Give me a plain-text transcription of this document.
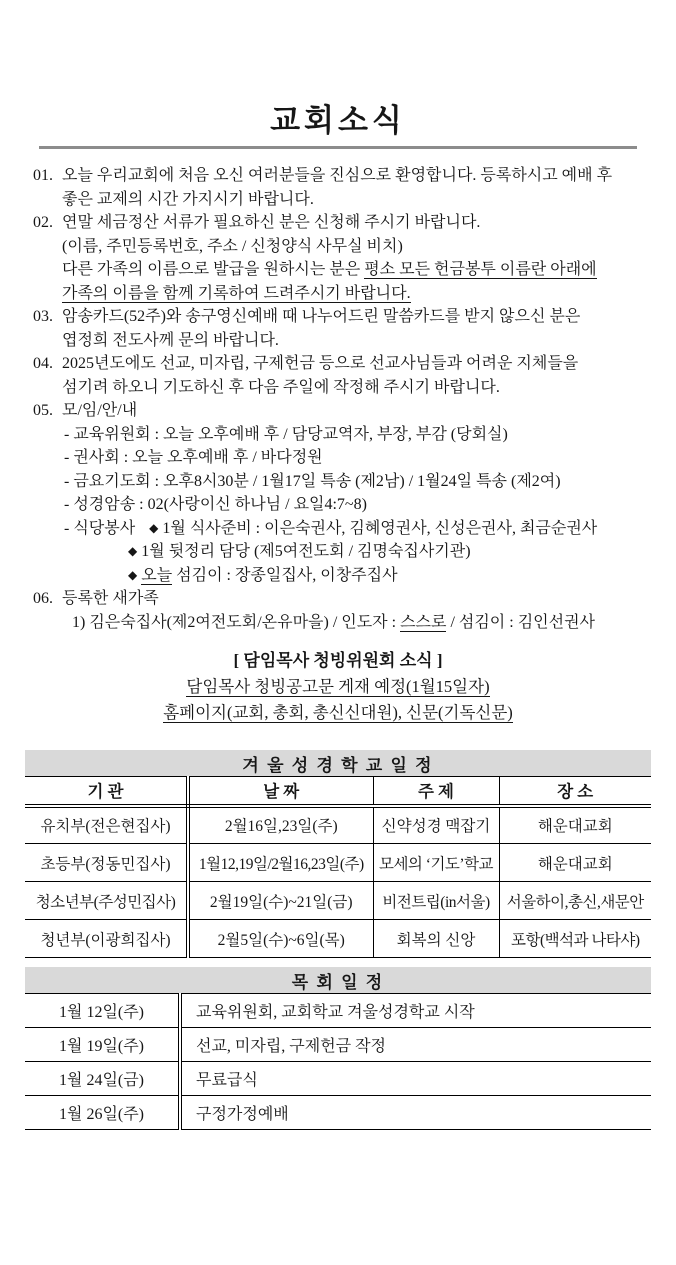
교회소식
01. 오늘 우리교회에 처음 오신 여러분들을 진심으로 환영합니다. 등록하시고 예배 후
좋은 교제의 시간 가지시기 바랍니다.
02. 연말 세금정산 서류가 필요하신 분은 신청해 주시기 바랍니다.
(이름, 주민등록번호, 주소 / 신청양식 사무실 비치)
다른 가족의 이름으로 발급을 원하시는 분은 평소 모든 헌금봉투 이름란 아래에
가족의 이름을 함께 기록하여 드려주시기 바랍니다.
03. 암송카드(52주)와 송구영신예배 때 나누어드린 말씀카드를 받지 않으신 분은
엽정희 전도사께 문의 바랍니다.
04. 2025년도에도 선교, 미자립, 구제헌금 등으로 선교사님들과 어려운 지체들을
섬기려 하오니 기도하신 후 다음 주일에 작정해 주시기 바랍니다.
05. 모/임/안/내
- 교육위원회 : 오늘 오후예배 후 / 담당교역자, 부장, 부감 (당회실)
- 권사회 : 오늘 오후예배 후 / 바다정원
- 금요기도회 : 오후8시30분 / 1월17일 특송 (제2남) / 1월24일 특송 (제2여)
- 성경암송 : 02(사랑이신 하나님 / 요일4:7~8)
- 식당봉사 ◆ 1월 식사준비 : 이은숙권사, 김혜영권사, 신성은권사, 최금순권사
◆ 1월 뒷정리 담당 (제5여전도회 / 김명숙집사기관)
◆ 오늘 섬김이 : 장종일집사, 이창주집사
06. 등록한 새가족
1) 김은숙집사(제2여전도회/온유마을) / 인도자 : 스스로 / 섬김이 : 김인선권사
[ 담임목사 청빙위원회 소식 ]
담임목사 청빙공고문 게재 예정(1월15일자)
홈페이지(교회, 총회, 총신신대원), 신문(기독신문)
겨 울 성 경 학 교 일 정
기 관	날 짜	주 제	장 소
유치부(전은현집사)	2월16일,23일(주)	신약성경 맥잡기	해운대교회
초등부(정동민집사)	1월12,19일/2월16,23일(주)	모세의 ‘기도’학교	해운대교회
청소년부(주성민집사)	2월19일(수)~21일(금)	비전트립(in서울)	서울하이,총신,새문안
청년부(이광희집사)	2월5일(수)~6일(목)	회복의 신앙	포항(백석과 나타샤)
목 회 일 정
1월 12일(주)	교육위원회, 교회학교 겨울성경학교 시작
1월 19일(주)	선교, 미자립, 구제헌금 작정
1월 24일(금)	무료급식
1월 26일(주)	구정가정예배
